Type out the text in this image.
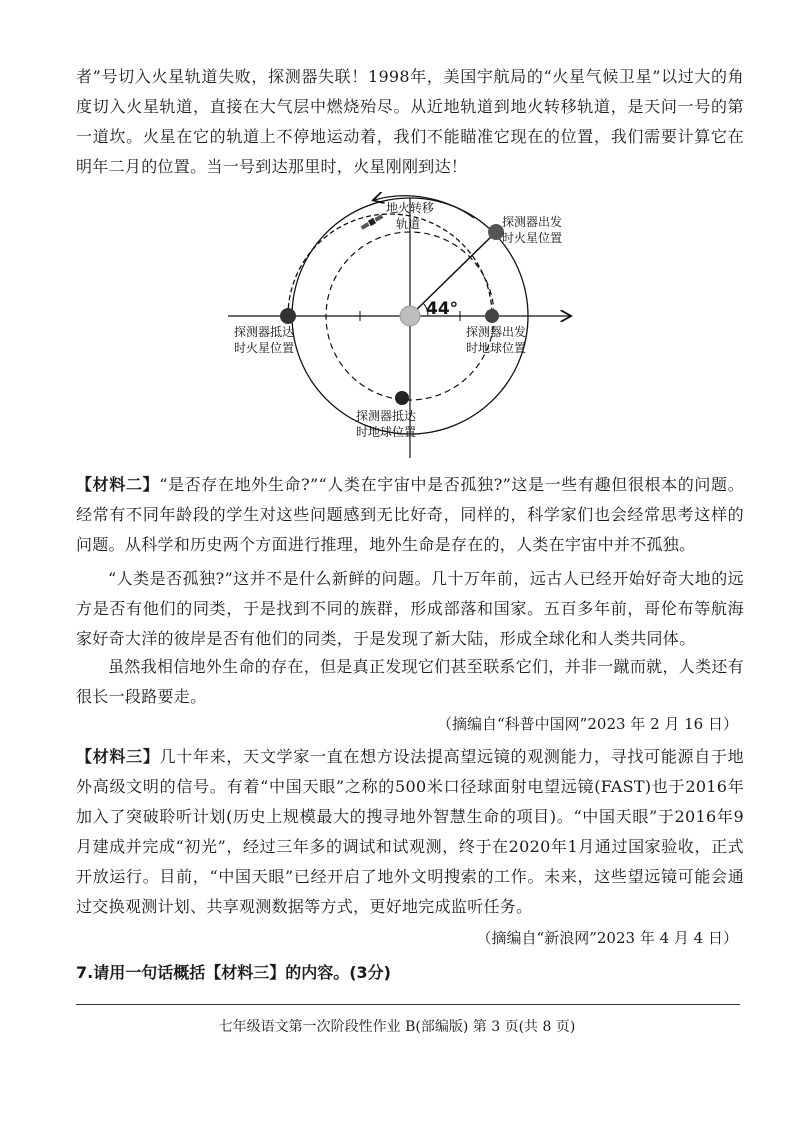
者”号切入火星轨道失败，探测器失联！1998年，美国宇航局的“火星气候卫星”以过大的角度切入火星轨道，直接在大气层中燃烧殆尽。从近地轨道到地火转移轨道，是天问一号的第一道坎。火星在它的轨道上不停地运动着，我们不能瞄准它现在的位置，我们需要计算它在明年二月的位置。当一号到达那里时，火星刚刚到达！

44°
探测器出发
时火星位置
探测器抵达
时火星位置
探测器出发
时地球位置
探测器抵达
时地球位置
地火转移
轨道

【材料二】“是否存在地外生命?”“人类在宇宙中是否孤独?”这是一些有趣但很根本的问题。经常有不同年龄段的学生对这些问题感到无比好奇，同样的，科学家们也会经常思考这样的问题。从科学和历史两个方面进行推理，地外生命是存在的，人类在宇宙中并不孤独。

“人类是否孤独?”这并不是什么新鲜的问题。几十万年前，远古人已经开始好奇大地的远方是否有他们的同类，于是找到不同的族群，形成部落和国家。五百多年前，哥伦布等航海家好奇大洋的彼岸是否有他们的同类，于是发现了新大陆，形成全球化和人类共同体。

虽然我相信地外生命的存在，但是真正发现它们甚至联系它们，并非一蹴而就，人类还有很长一段路要走。

（摘编自“科普中国网”2023 年 2 月 16 日）

【材料三】几十年来，天文学家一直在想方设法提高望远镜的观测能力，寻找可能源自于地外高级文明的信号。有着“中国天眼”之称的500米口径球面射电望远镜(FAST)也于2016年加入了突破聆听计划(历史上规模最大的搜寻地外智慧生命的项目)。“中国天眼”于2016年9月建成并完成“初光”，经过三年多的调试和试观测，终于在2020年1月通过国家验收，正式开放运行。目前，“中国天眼”已经开启了地外文明搜索的工作。未来，这些望远镜可能会通过交换观测计划、共享观测数据等方式，更好地完成监听任务。

（摘编自“新浪网”2023 年 4 月 4 日）

7.请用一句话概括【材料三】的内容。(3分)

七年级语文第一次阶段性作业 B(部编版) 第 3 页(共 8 页)
